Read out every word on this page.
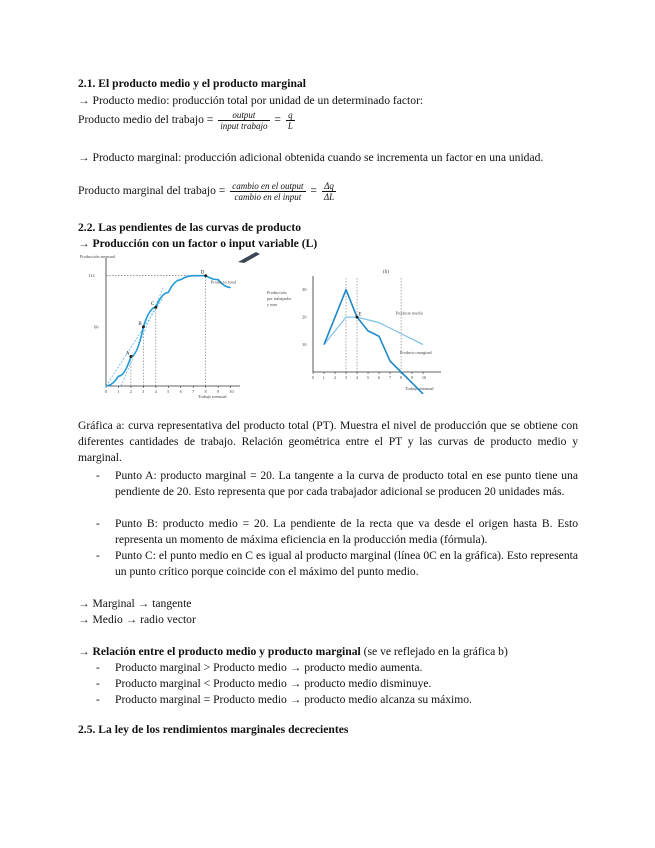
2.1. El producto medio y el producto marginal
→ Producto medio: producción total por unidad de un determinado factor:
Producto medio del trabajo = $\frac{\text{output}}{\text{input trabajo}} = \frac{q}{L}$
→ Producto marginal: producción adicional obtenida cuando se incrementa un factor en una unidad.
Producto marginal del trabajo = $\frac{\text{cambio en el output}}{\text{cambio en el input}} = \frac{\Delta q}{\Delta L}$
2.2. Las pendientes de las curvas de producto
→ Producción con un factor o input variable (L)
Producción mensual
Trabajo mensual
0 1 2 3 4 5 6 7 8 9 10
112
60
A
B
C
D
Producto total
(b)
Trabajo mensual
Producción
por trabajador
y mes
30
20
10
0 1 2 3 4 5 6 7 8 9 10
E	Producto medio
Producto marginal
Gráfica a: curva representativa del producto total (PT). Muestra el nivel de producción que se obtiene con diferentes cantidades de trabajo. Relación geométrica entre el PT y las curvas de producto medio y marginal.
- Punto A: producto marginal = 20. La tangente a la curva de producto total en ese punto tiene una pendiente de 20. Esto representa que por cada trabajador adicional se producen 20 unidades más.
- Punto B: producto medio = 20. La pendiente de la recta que va desde el origen hasta B. Esto representa un momento de máxima eficiencia en la producción media (fórmula).
- Punto C: el punto medio en C es igual al producto marginal (línea 0C en la gráfica). Esto representa un punto crítico porque coincide con el máximo del punto medio.
→ Marginal → tangente
→ Medio → radio vector
→ Relación entre el producto medio y producto marginal (se ve reflejado en la gráfica b)
- Producto marginal > Producto medio → producto medio aumenta.
- Producto marginal < Producto medio → producto medio disminuye.
- Producto marginal = Producto medio → producto medio alcanza su máximo.
2.5. La ley de los rendimientos marginales decrecientes
